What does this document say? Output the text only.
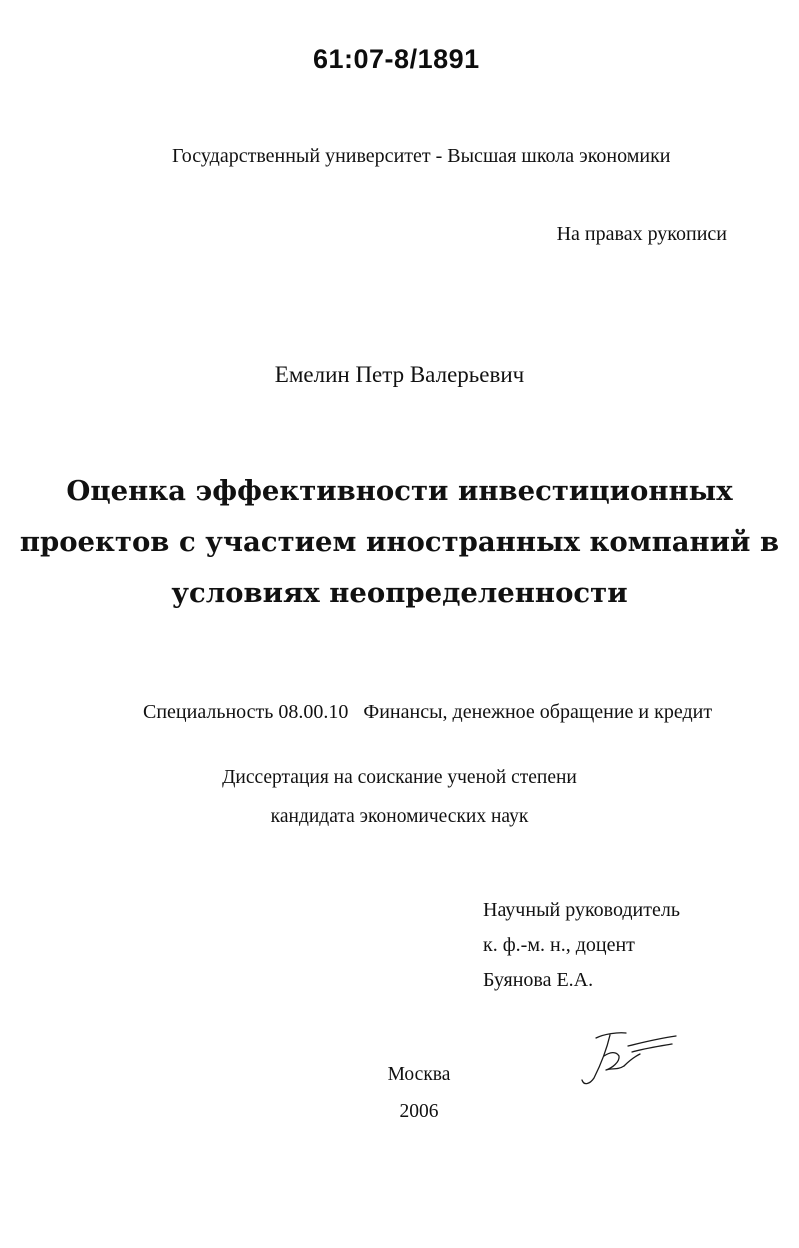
61:07-8/1891
Государственный университет - Высшая школа экономики
На правах рукописи
Емелин Петр Валерьевич
Оценка эффективности инвестиционных
проектов с участием иностранных компаний в
условиях неопределенности
Специальность 08.00.10   Финансы, денежное обращение и кредит
Диссертация на соискание ученой степени
кандидата экономических наук
Научный руководитель
к. ф.-м. н., доцент
Буянова Е.А.
Москва
2006
